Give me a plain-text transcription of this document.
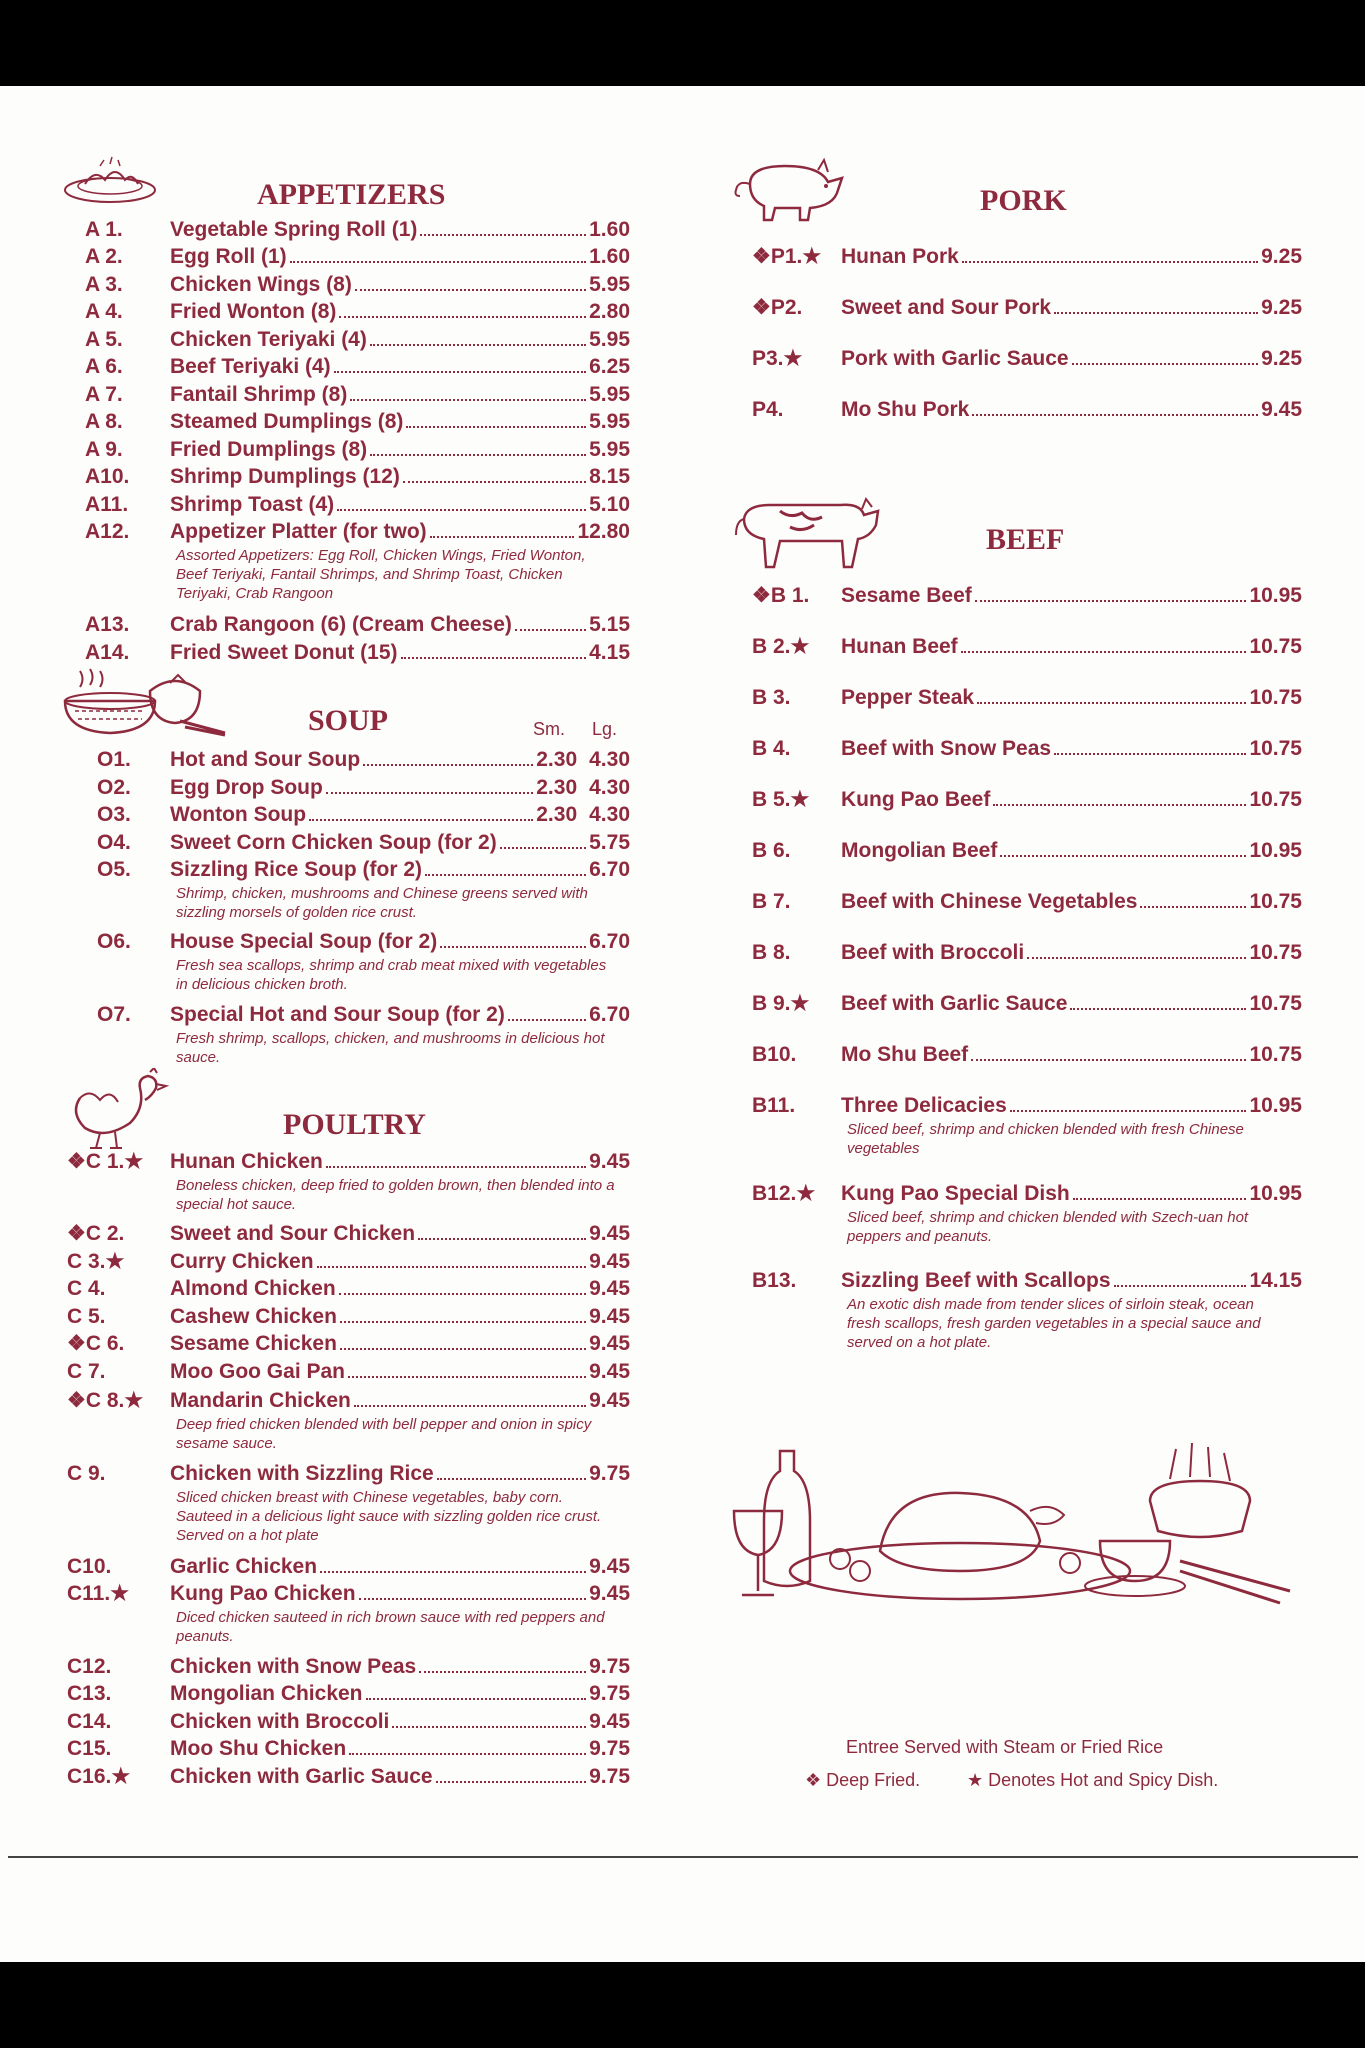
APPETIZERS
A 1. Vegetable Spring Roll (1)	1.60
A 2. Egg Roll (1)	1.60
A 3. Chicken Wings (8)	5.95
A 4. Fried Wonton (8)	2.80
A 5. Chicken Teriyaki (4)	5.95
A 6. Beef Teriyaki (4)	6.25
A 7. Fantail Shrimp (8)	5.95
A 8. Steamed Dumplings (8)	5.95
A 9. Fried Dumplings (8)	5.95
A10. Shrimp Dumplings (12)	8.15
A11. Shrimp Toast (4)	5.10
A12. Appetizer Platter (for two)	12.80
Assorted Appetizers: Egg Roll, Chicken Wings, Fried Wonton, Beef Teriyaki, Fantail Shrimps, and Shrimp Toast, Chicken Teriyaki, Crab Rangoon
A13. Crab Rangoon (6) (Cream Cheese)	5.15
A14. Fried Sweet Donut (15)	4.15
SOUP	Sm. Lg.
O1. Hot and Sour Soup	2.30 4.30
O2. Egg Drop Soup	2.30 4.30
O3. Wonton Soup	2.30 4.30
O4. Sweet Corn Chicken Soup (for 2)	5.75
O5. Sizzling Rice Soup (for 2)	6.70
Shrimp, chicken, mushrooms and Chinese greens served with sizzling morsels of golden rice crust.
O6. House Special Soup (for 2)	6.70
Fresh sea scallops, shrimp and crab meat mixed with vegetables in delicious chicken broth.
O7. Special Hot and Sour Soup (for 2)	6.70
Fresh shrimp, scallops, chicken, and mushrooms in delicious hot sauce.
POULTRY
❖C 1.★ Hunan Chicken	9.45
Boneless chicken, deep fried to golden brown, then blended into a special hot sauce.
❖C 2. Sweet and Sour Chicken	9.45
C 3.★ Curry Chicken	9.45
C 4.	Almond Chicken	9.45
C 5.	Cashew Chicken	9.45
❖C 6. Sesame Chicken	9.45
C 7.	Moo Goo Gai Pan	9.45
❖C 8.★ Mandarin Chicken	9.45
Deep fried chicken blended with bell pepper and onion in spicy sesame sauce.
C 9.	Chicken with Sizzling Rice	9.75
Sliced chicken breast with Chinese vegetables, baby corn. Sauteed in a delicious light sauce with sizzling golden rice crust. Served on a hot plate
C10.	Garlic Chicken	9.45
C11.★ Kung Pao Chicken	9.45
Diced chicken sauteed in rich brown sauce with red peppers and peanuts.
C12.	Chicken with Snow Peas	9.75
C13.	Mongolian Chicken	9.75
C14.	Chicken with Broccoli	9.45
C15.	Moo Shu Chicken	9.75
C16.★ Chicken with Garlic Sauce	9.75
PORK
❖P1.★ Hunan Pork	9.25
❖P2. Sweet and Sour Pork	9.25
P3.★ Pork with Garlic Sauce	9.25
P4.	Mo Shu Pork	9.45
BEEF
❖B 1. Sesame Beef	10.95
B 2.★ Hunan Beef	10.75
B 3. Pepper Steak	10.75
B 4. Beef with Snow Peas	10.75
B 5.★ Kung Pao Beef	10.75
B 6. Mongolian Beef	10.95
B 7. Beef with Chinese Vegetables	10.75
B 8. Beef with Broccoli	10.75
B 9.★ Beef with Garlic Sauce	10.75
B10. Mo Shu Beef	10.75
B11. Three Delicacies	10.95
Sliced beef, shrimp and chicken blended with fresh Chinese vegetables
B12.★ Kung Pao Special Dish	10.95
Sliced beef, shrimp and chicken blended with Szech-uan hot peppers and peanuts.
B13. Sizzling Beef with Scallops	14.15
An exotic dish made from tender slices of sirloin steak, ocean fresh scallops, fresh garden vegetables in a special sauce and served on a hot plate.
Entree Served with Steam or Fried Rice
❖ Deep Fried.	★ Denotes Hot and Spicy Dish.
